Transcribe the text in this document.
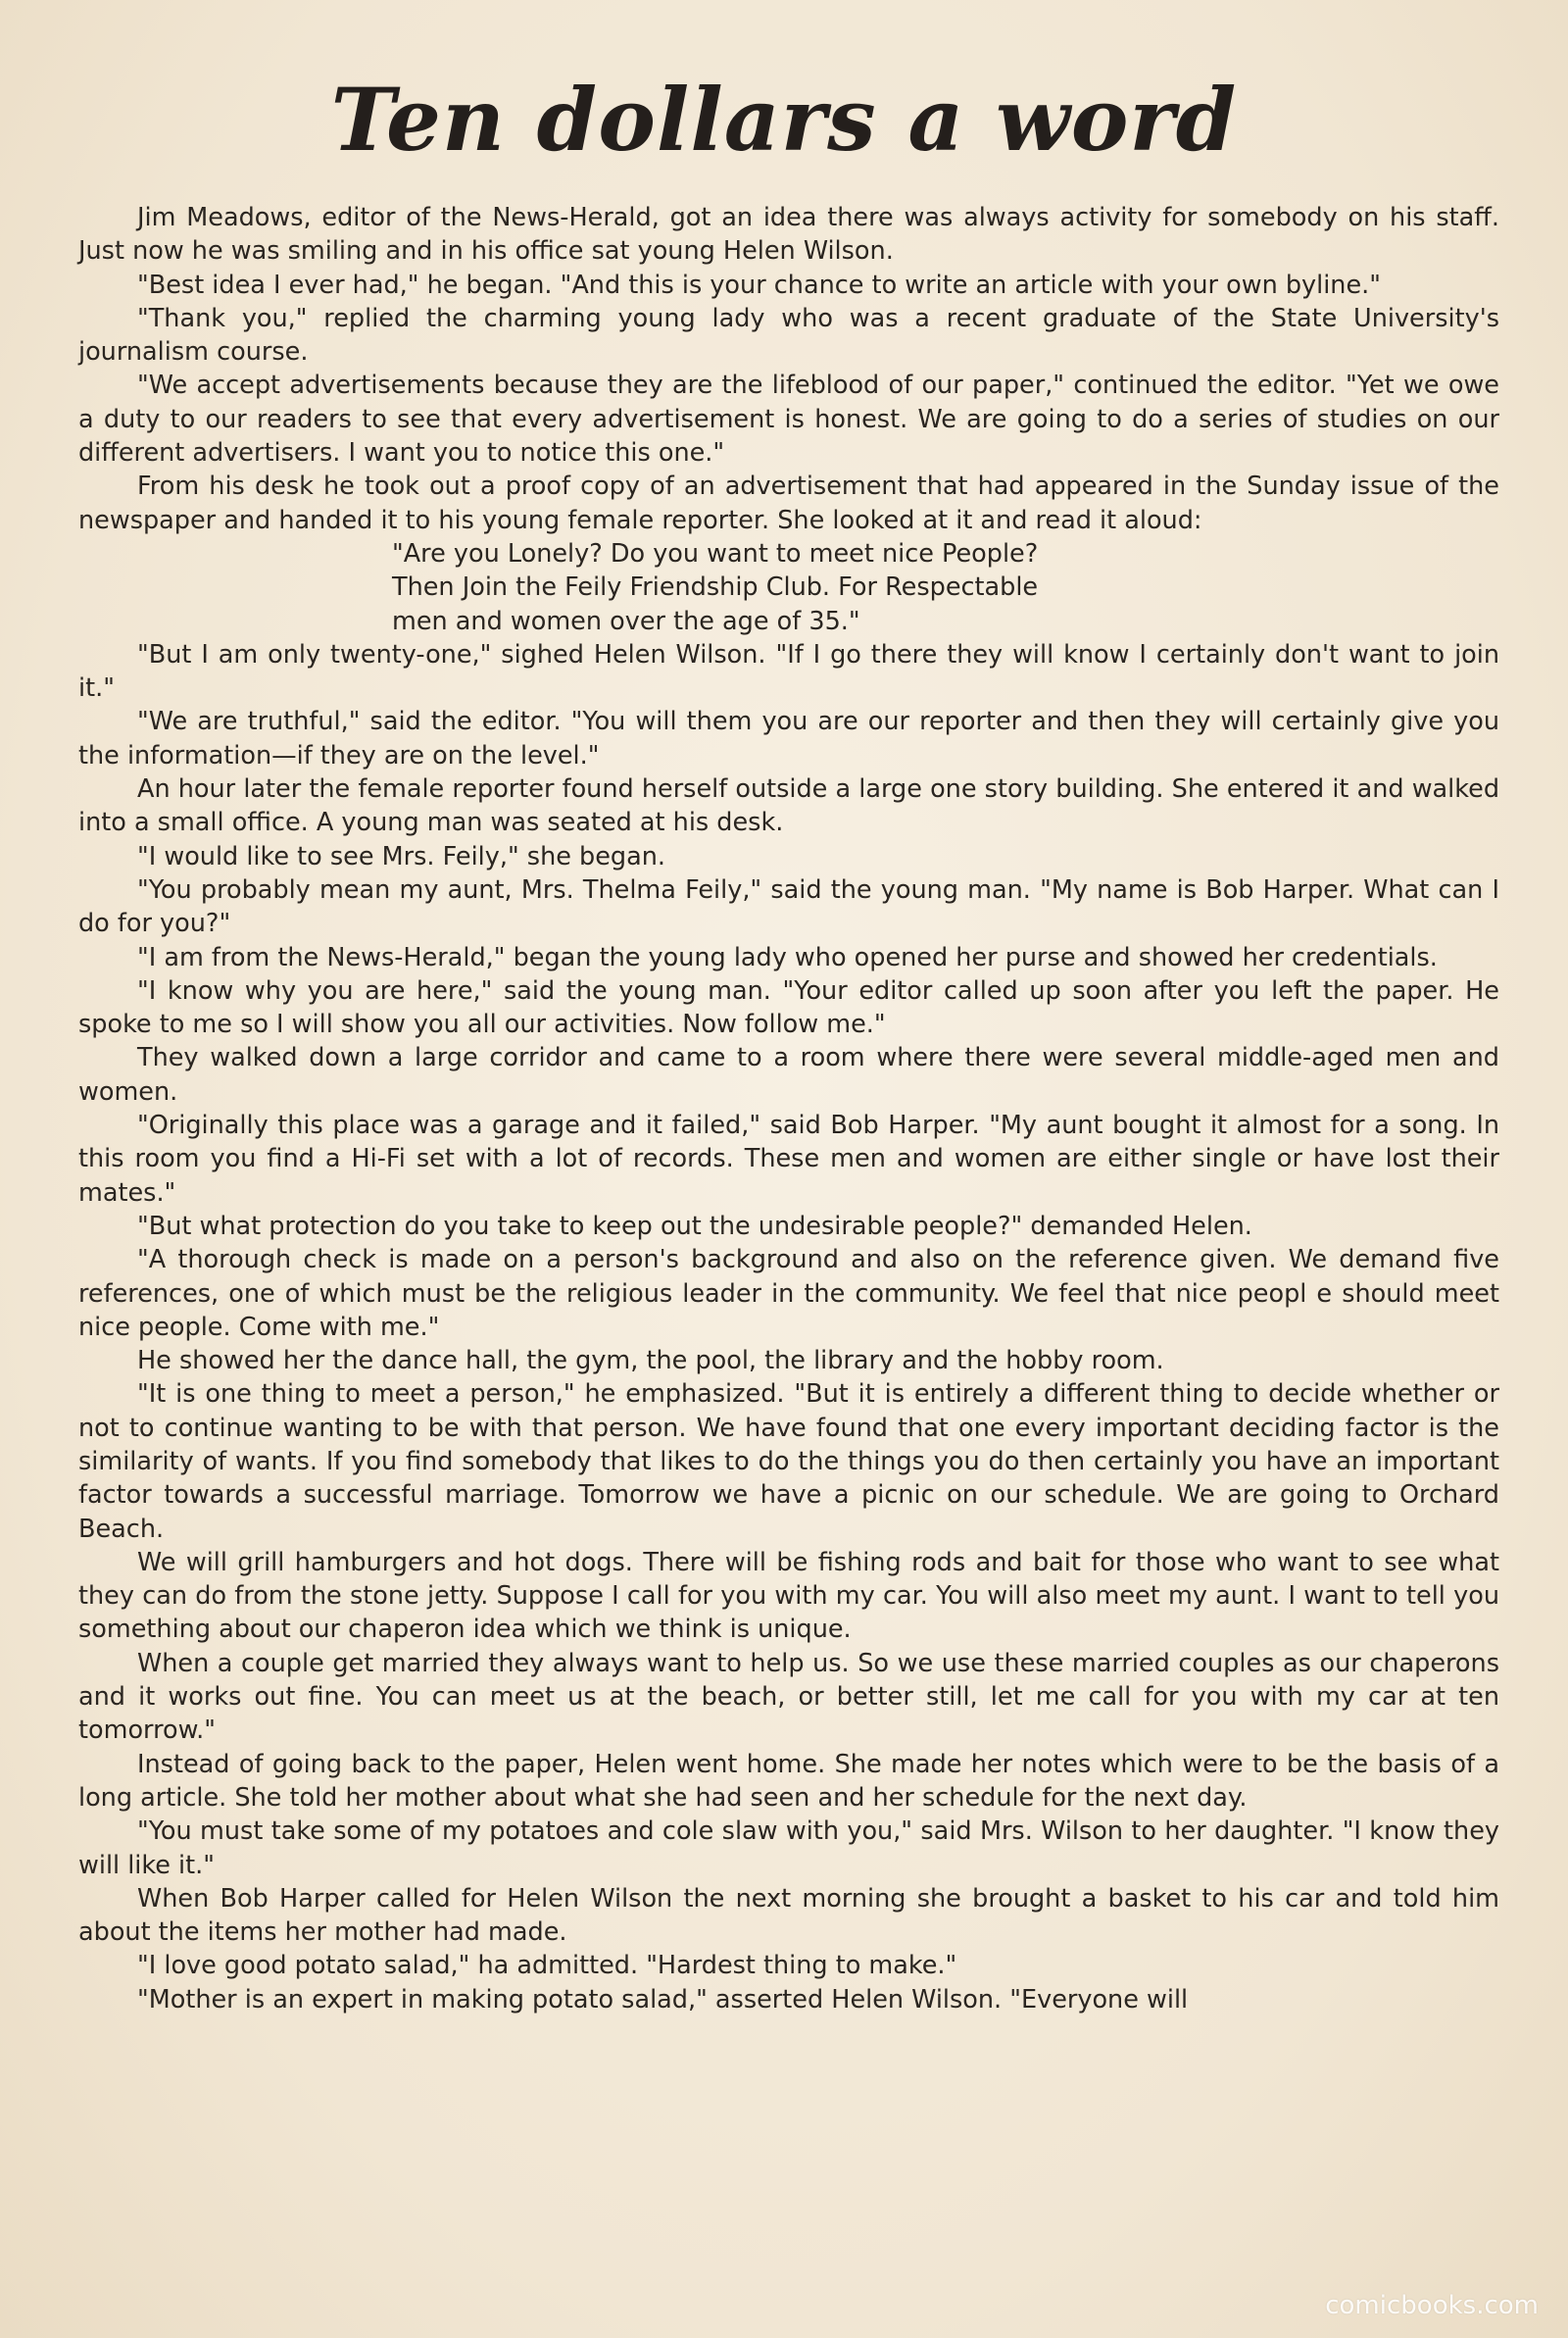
Ten dollars a word

Jim Meadows, editor of the News-Herald, got an idea there was always activity for somebody on his staff. Just now he was smiling and in his office sat young Helen Wilson.

"Best idea I ever had," he began. "And this is your chance to write an article with your own byline."

"Thank you," replied the charming young lady who was a recent graduate of the State University's journalism course.

"We accept advertisements because they are the lifeblood of our paper," continued the editor. "Yet we owe a duty to our readers to see that every advertisement is honest. We are going to do a series of studies on our different advertisers. I want you to notice this one."

From his desk he took out a proof copy of an advertisement that had appeared in the Sunday issue of the newspaper and handed it to his young female reporter. She looked at it and read it aloud:

"Are you Lonely? Do you want to meet nice People?
Then Join the Feily Friendship Club. For Respectable
men and women over the age of 35."

"But I am only twenty-one," sighed Helen Wilson. "If I go there they will know I certainly don't want to join it."

"We are truthful," said the editor. "You will them you are our reporter and then they will certainly give you the information—if they are on the level."

An hour later the female reporter found herself outside a large one story building. She entered it and walked into a small office. A young man was seated at his desk.

"I would like to see Mrs. Feily," she began.

"You probably mean my aunt, Mrs. Thelma Feily," said the young man. "My name is Bob Harper. What can I do for you?"

"I am from the News-Herald," began the young lady who opened her purse and showed her credentials.

"I know why you are here," said the young man. "Your editor called up soon after you left the paper. He spoke to me so I will show you all our activities. Now follow me."

They walked down a large corridor and came to a room where there were several middle-aged men and women.

"Originally this place was a garage and it failed," said Bob Harper. "My aunt bought it almost for a song. In this room you find a Hi-Fi set with a lot of records. These men and women are either single or have lost their mates."

"But what protection do you take to keep out the undesirable people?" demanded Helen.

"A thorough check is made on a person's background and also on the reference given. We demand five references, one of which must be the religious leader in the community. We feel that nice peopl e should meet nice people. Come with me."

He showed her the dance hall, the gym, the pool, the library and the hobby room.

"It is one thing to meet a person," he emphasized. "But it is entirely a different thing to decide whether or not to continue wanting to be with that person. We have found that one every important deciding factor is the similarity of wants. If you find somebody that likes to do the things you do then certainly you have an important factor towards a successful marriage. Tomorrow we have a picnic on our schedule. We are going to Orchard Beach.

We will grill hamburgers and hot dogs. There will be fishing rods and bait for those who want to see what they can do from the stone jetty. Suppose I call for you with my car. You will also meet my aunt. I want to tell you something about our chaperon idea which we think is unique.

When a couple get married they always want to help us. So we use these married couples as our chaperons and it works out fine. You can meet us at the beach, or better still, let me call for you with my car at ten tomorrow."

Instead of going back to the paper, Helen went home. She made her notes which were to be the basis of a long article. She told her mother about what she had seen and her schedule for the next day.

"You must take some of my potatoes and cole slaw with you," said Mrs. Wilson to her daughter. "I know they will like it."

When Bob Harper called for Helen Wilson the next morning she brought a basket to his car and told him about the items her mother had made.

"I love good potato salad," ha admitted. "Hardest thing to make."

"Mother is an expert in making potato salad," asserted Helen Wilson. "Everyone will

comicbooks.com
